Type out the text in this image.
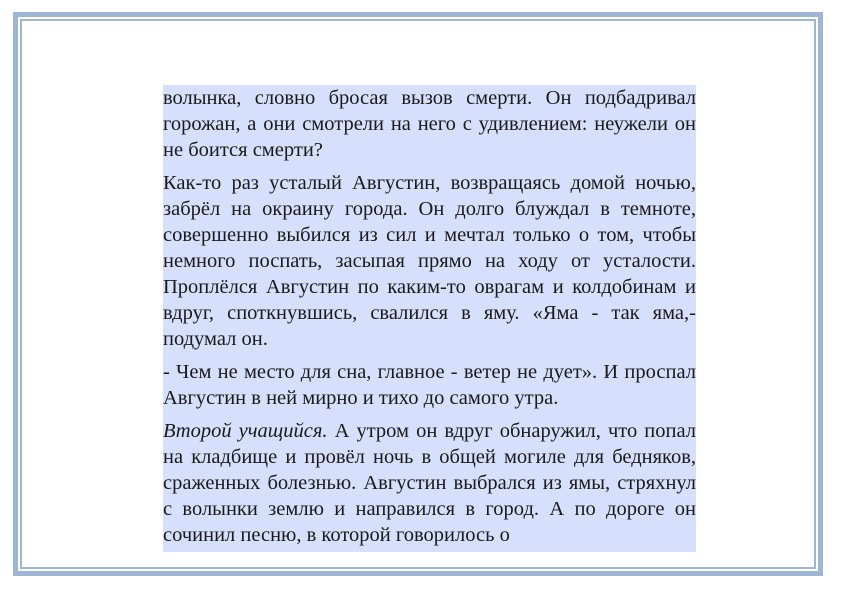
волынка, словно бросая вызов смерти. Он подбадривал горожан, а они смотрели на него с удивлением: неужели он не боится смерти?

Как-то раз усталый Августин, возвращаясь домой ночью, забрёл на окраину города. Он долго блуждал в темноте, совершенно выбился из сил и мечтал только о том, чтобы немного поспать, засыпая прямо на ходу от усталости. Проплёлся Августин по каким-то оврагам и колдобинам и вдруг, споткнувшись, свалился в яму. «Яма - так яма,- подумал он.

- Чем не место для сна, главное - ветер не дует». И проспал Августин в ней мирно и тихо до самого утра.

Второй учащийся. А утром он вдруг обнаружил, что попал на кладбище и провёл ночь в общей могиле для бедняков, сраженных болезнью. Августин выбрался из ямы, стряхнул с волынки землю и направился в город. А по дороге он сочинил песню, в которой говорилось о
